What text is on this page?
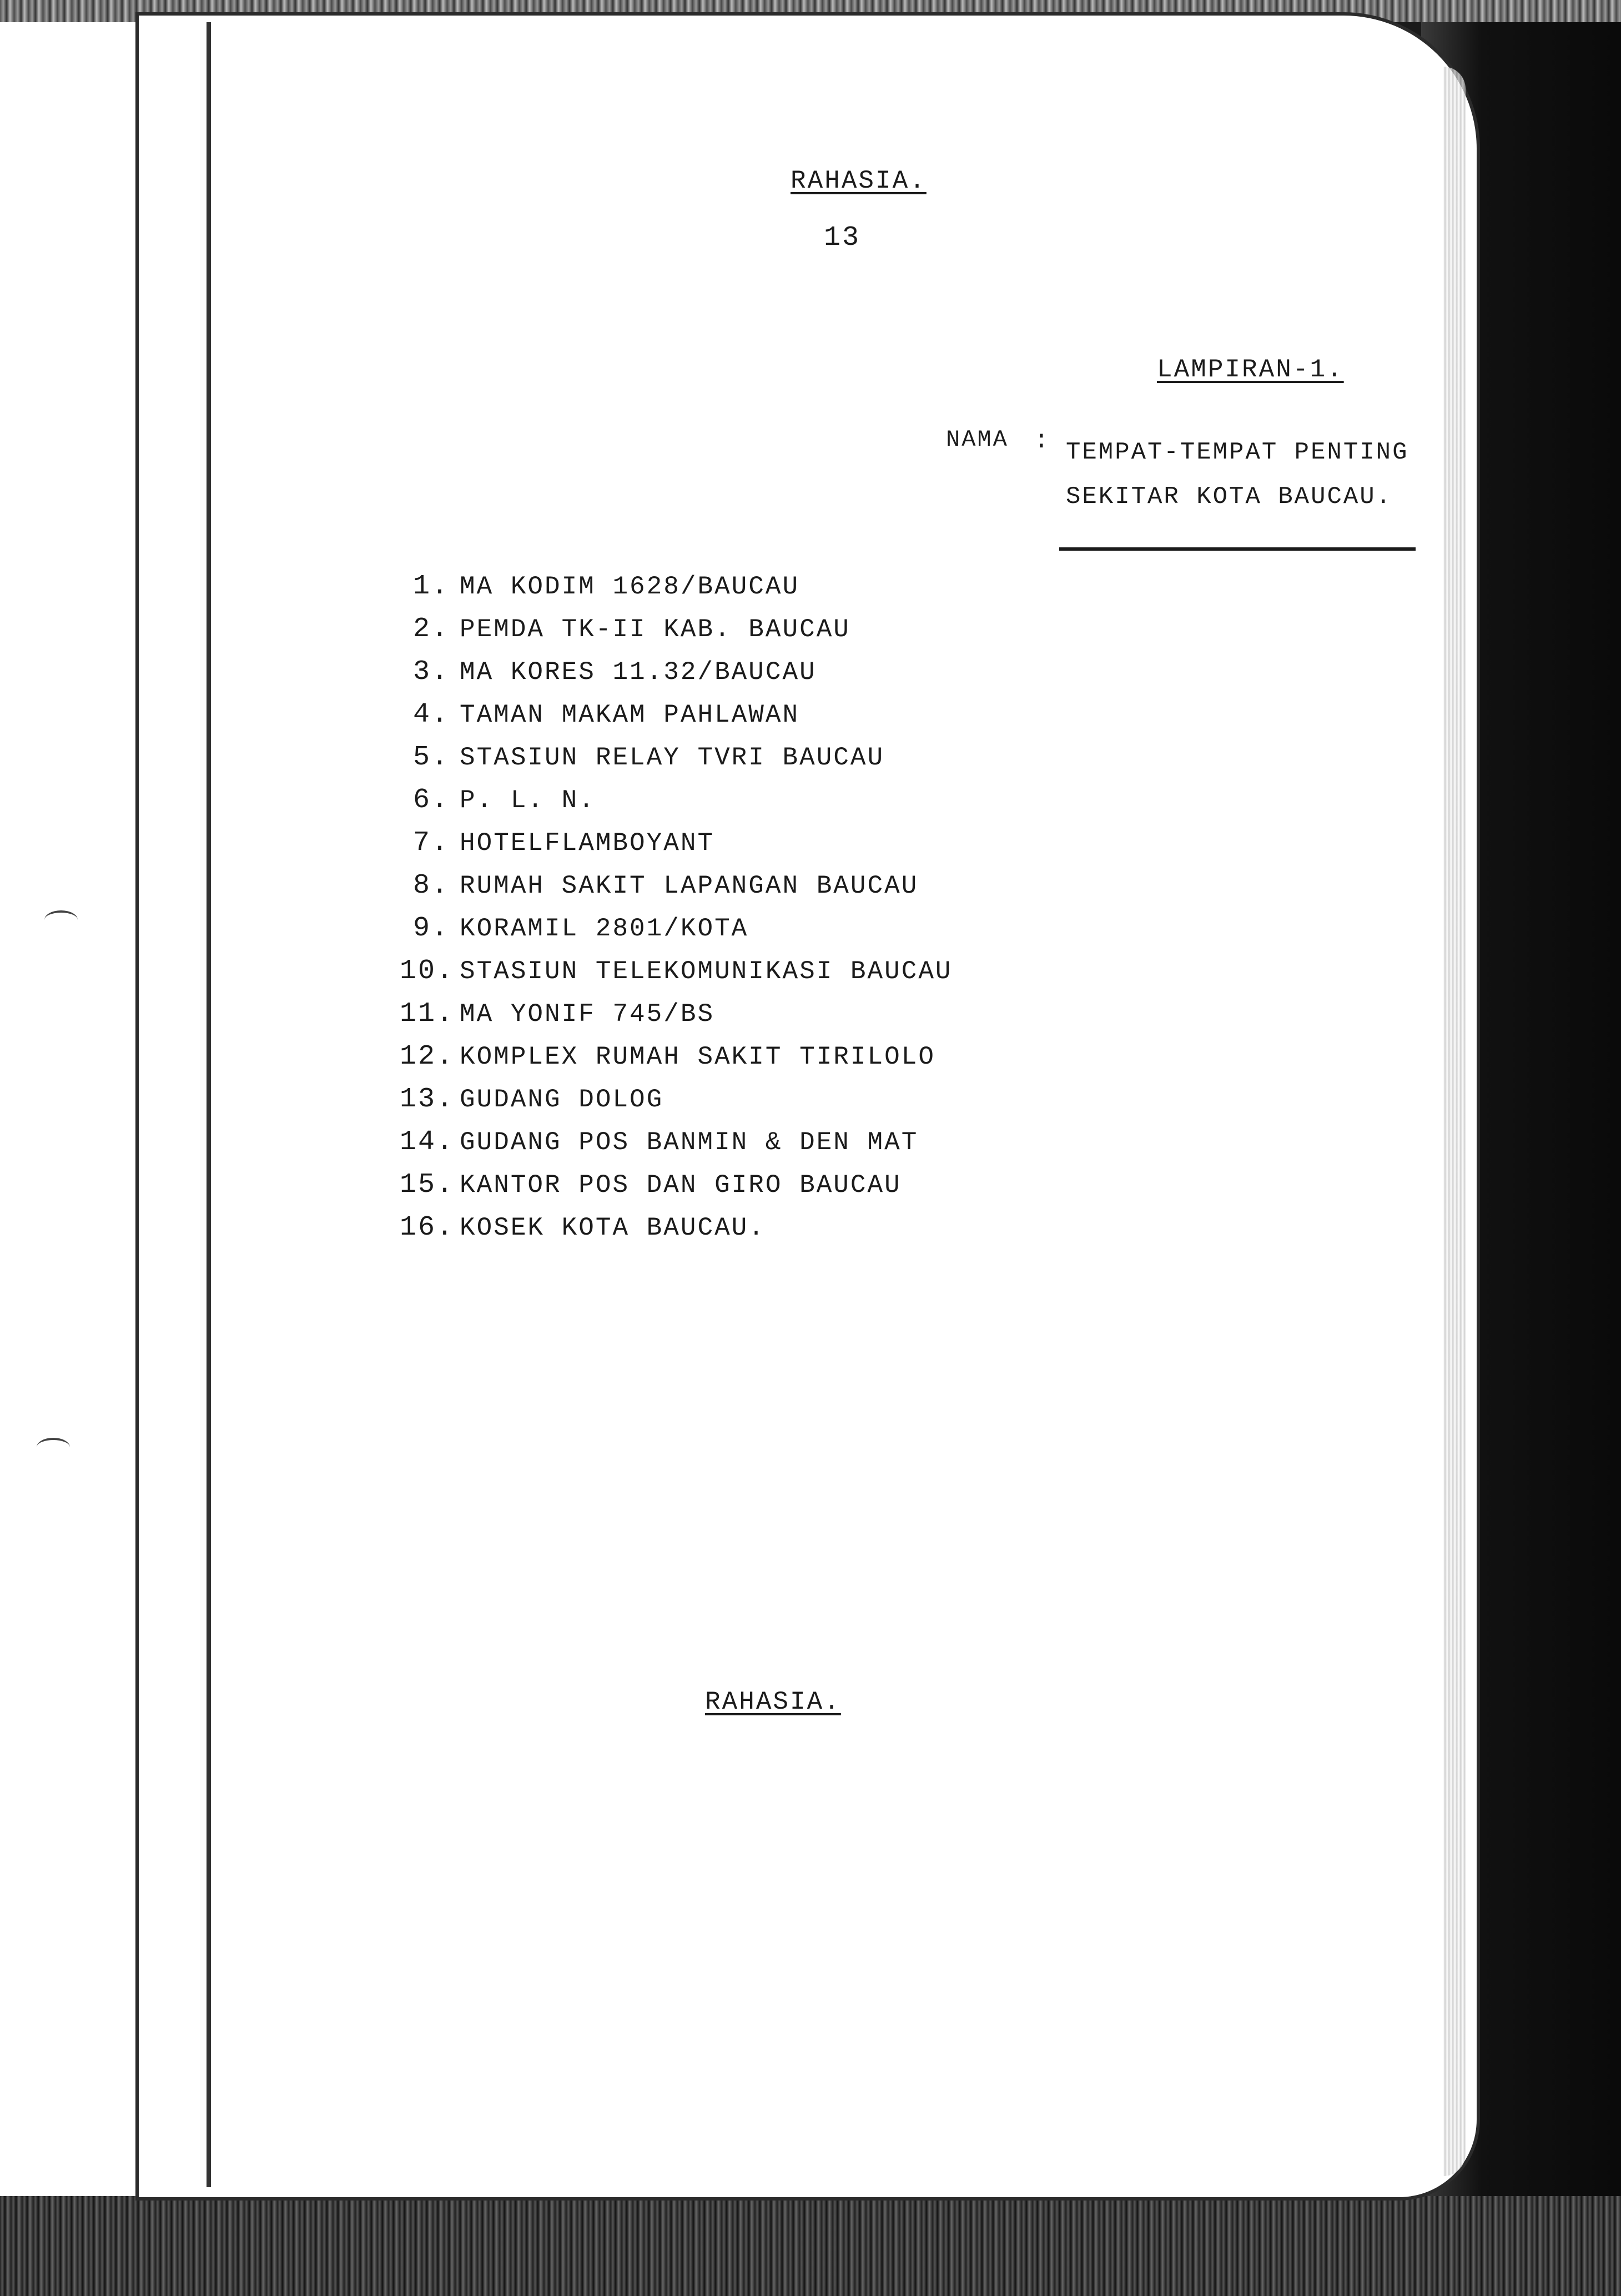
RAHASIA.
13
LAMPIRAN-1.
NAMA : TEMPAT-TEMPAT PENTING
SEKITAR KOTA BAUCAU.
1. MA KODIM 1628/BAUCAU
2. PEMDA TK-II KAB. BAUCAU
3. MA KORES 11.32/BAUCAU
4. TAMAN MAKAM PAHLAWAN
5. STASIUN RELAY TVRI BAUCAU
6. P. L. N.
7. HOTELFLAMBOYANT
8. RUMAH SAKIT LAPANGAN BAUCAU
9. KORAMIL 2801/KOTA
10. STASIUN TELEKOMUNIKASI BAUCAU
11. MA YONIF 745/BS
12. KOMPLEX RUMAH SAKIT TIRILOLO
13. GUDANG DOLOG
14. GUDANG POS BANMIN & DEN MAT
15. KANTOR POS DAN GIRO BAUCAU
16. KOSEK KOTA BAUCAU.
RAHASIA.
